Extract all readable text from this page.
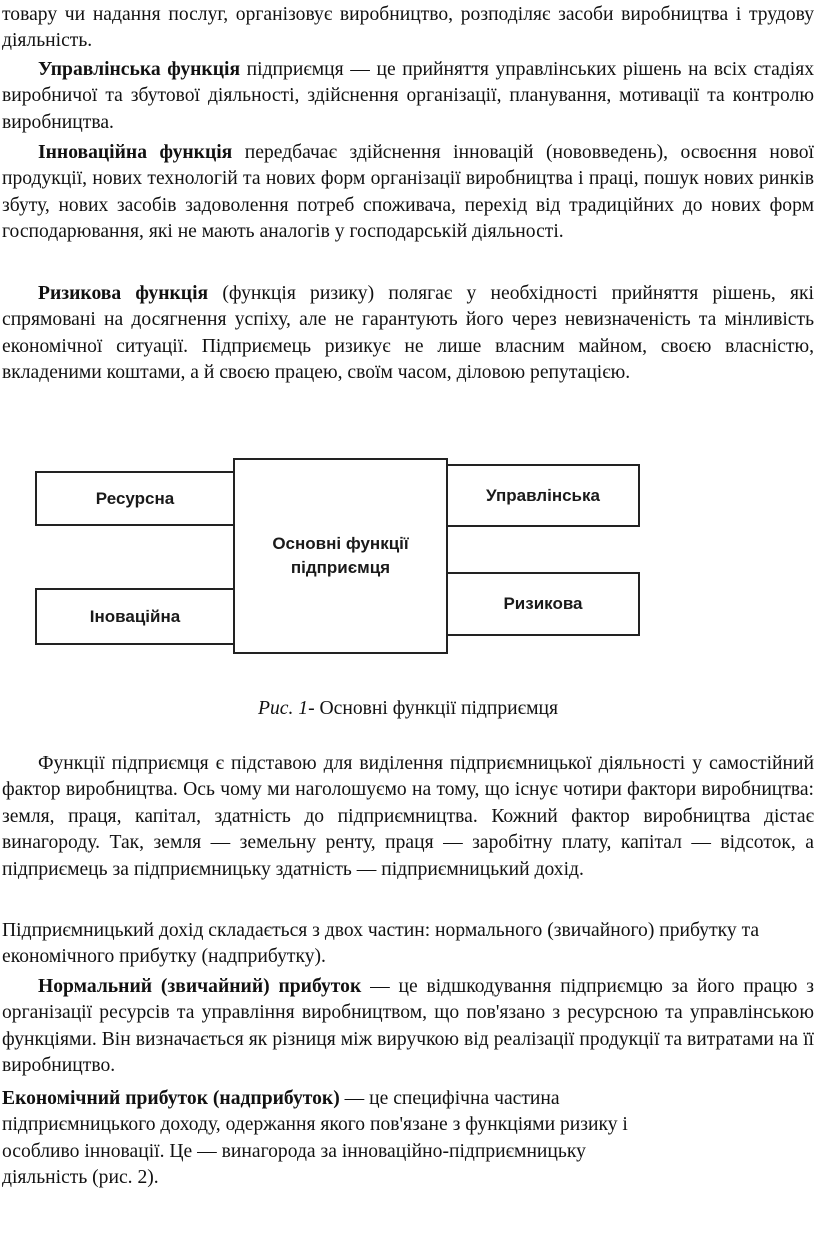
товару чи надання послуг, організовує виробництво, розподіляє засоби виробництва і трудову діяльність.

Управлінська функція підприємця — це прийняття управлінських рішень на всіх стадіях виробничої та збутової діяльності, здійснення організації, планування, мотивації та контролю виробництва.

Інноваційна функція передбачає здійснення інновацій (нововведень), освоєння нової продукції, нових технологій та нових форм організації виробництва і праці, пошук нових ринків збуту, нових засобів задоволення потреб споживача, перехід від традиційних до нових форм господарювання, які не мають аналогів у господарській діяльності.

Ризикова функція (функція ризику) полягає у необхідності прийняття рішень, які спрямовані на досягнення успіху, але не гарантують його через невизначеність та мінливість економічної ситуації. Підприємець ризикує не лише власним майном, своєю власністю, вкладеними коштами, а й своєю працею, своїм часом, діловою репутацією.

Ресурсна
Іноваційна
Основні функції підприємця
Управлінська
Ризикова
Рис. 1- Основні функції підприємця

Функції підприємця є підставою для виділення підприємницької діяльності у самостійний фактор виробництва. Ось чому ми наголошуємо на тому, що існує чотири фактори виробництва: земля, праця, капітал, здатність до підприємництва. Кожний фактор виробництва дістає винагороду. Так, земля — земельну ренту, праця — заробітну плату, капітал — відсоток, а підприємець за підприємницьку здатність — підприємницький дохід.

Підприємницький дохід складається з двох частин: нормального (звичайного) прибутку та економічного прибутку (надприбутку).

Нормальний (звичайний) прибуток — це відшкодування підприємцю за його працю з організації ресурсів та управління виробництвом, що пов'язано з ресурсною та управлінською функціями. Він визначається як різниця між виручкою від реалізації продукції та витратами на її виробництво.

Економічний прибуток (надприбуток) — це специфічна частина
підприємницького доходу, одержання якого пов'язане з функціями ризику і
особливо інновації. Це — винагорода за інноваційно-підприємницьку
діяльність (рис. 2).
